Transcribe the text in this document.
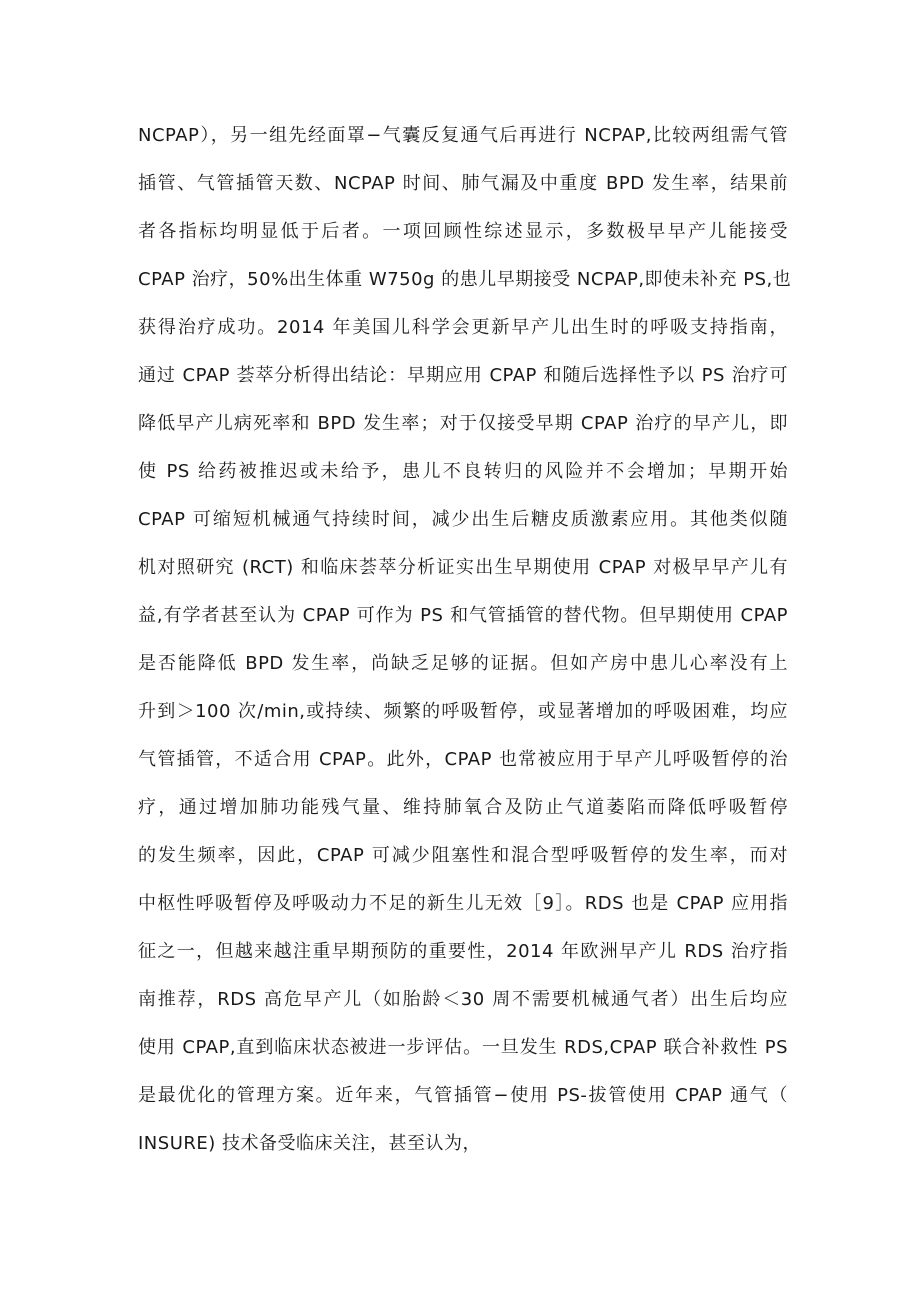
NCPAP），另一组先经面罩−气囊反复通气后再进行 NCPAP,比较两组需气管
插管、气管插管天数、NCPAP 时间、肺气漏及中重度 BPD 发生率，结果前
者各指标均明显低于后者。一项回顾性综述显示，多数极早早产儿能接受
CPAP 治疗，50%出生体重 W750g 的患儿早期接受 NCPAP,即使未补充 PS,也
获得治疗成功。2014 年美国儿科学会更新早产儿出生时的呼吸支持指南，
通过 CPAP 荟萃分析得出结论：早期应用 CPAP 和随后选择性予以 PS 治疗可
降低早产儿病死率和 BPD 发生率；对于仅接受早期 CPAP 治疗的早产儿，即
使 PS 给药被推迟或未给予，患儿不良转归的风险并不会增加；早期开始
CPAP 可缩短机械通气持续时间，减少出生后糖皮质激素应用。其他类似随
机对照研究 (RCT) 和临床荟萃分析证实出生早期使用 CPAP 对极早早产儿有
益,有学者甚至认为 CPAP 可作为 PS 和气管插管的替代物。但早期使用 CPAP
是否能降低 BPD 发生率，尚缺乏足够的证据。但如产房中患儿心率没有上
升到＞100 次/min,或持续、频繁的呼吸暂停，或显著增加的呼吸困难，均应
气管插管，不适合用 CPAP。此外，CPAP 也常被应用于早产儿呼吸暂停的治
疗，通过增加肺功能残气量、维持肺氧合及防止气道萎陷而降低呼吸暂停
的发生频率，因此，CPAP 可减少阻塞性和混合型呼吸暂停的发生率，而对
中枢性呼吸暂停及呼吸动力不足的新生儿无效［9］。RDS 也是 CPAP 应用指
征之一，但越来越注重早期预防的重要性，2014 年欧洲早产儿 RDS 治疗指
南推荐，RDS 高危早产儿（如胎龄＜30 周不需要机械通气者）出生后均应
使用 CPAP,直到临床状态被进一步评估。一旦发生 RDS,CPAP 联合补救性 PS
是最优化的管理方案。近年来，气管插管−使用 PS-拔管使用 CPAP 通气（
INSURE) 技术备受临床关注，甚至认为，
